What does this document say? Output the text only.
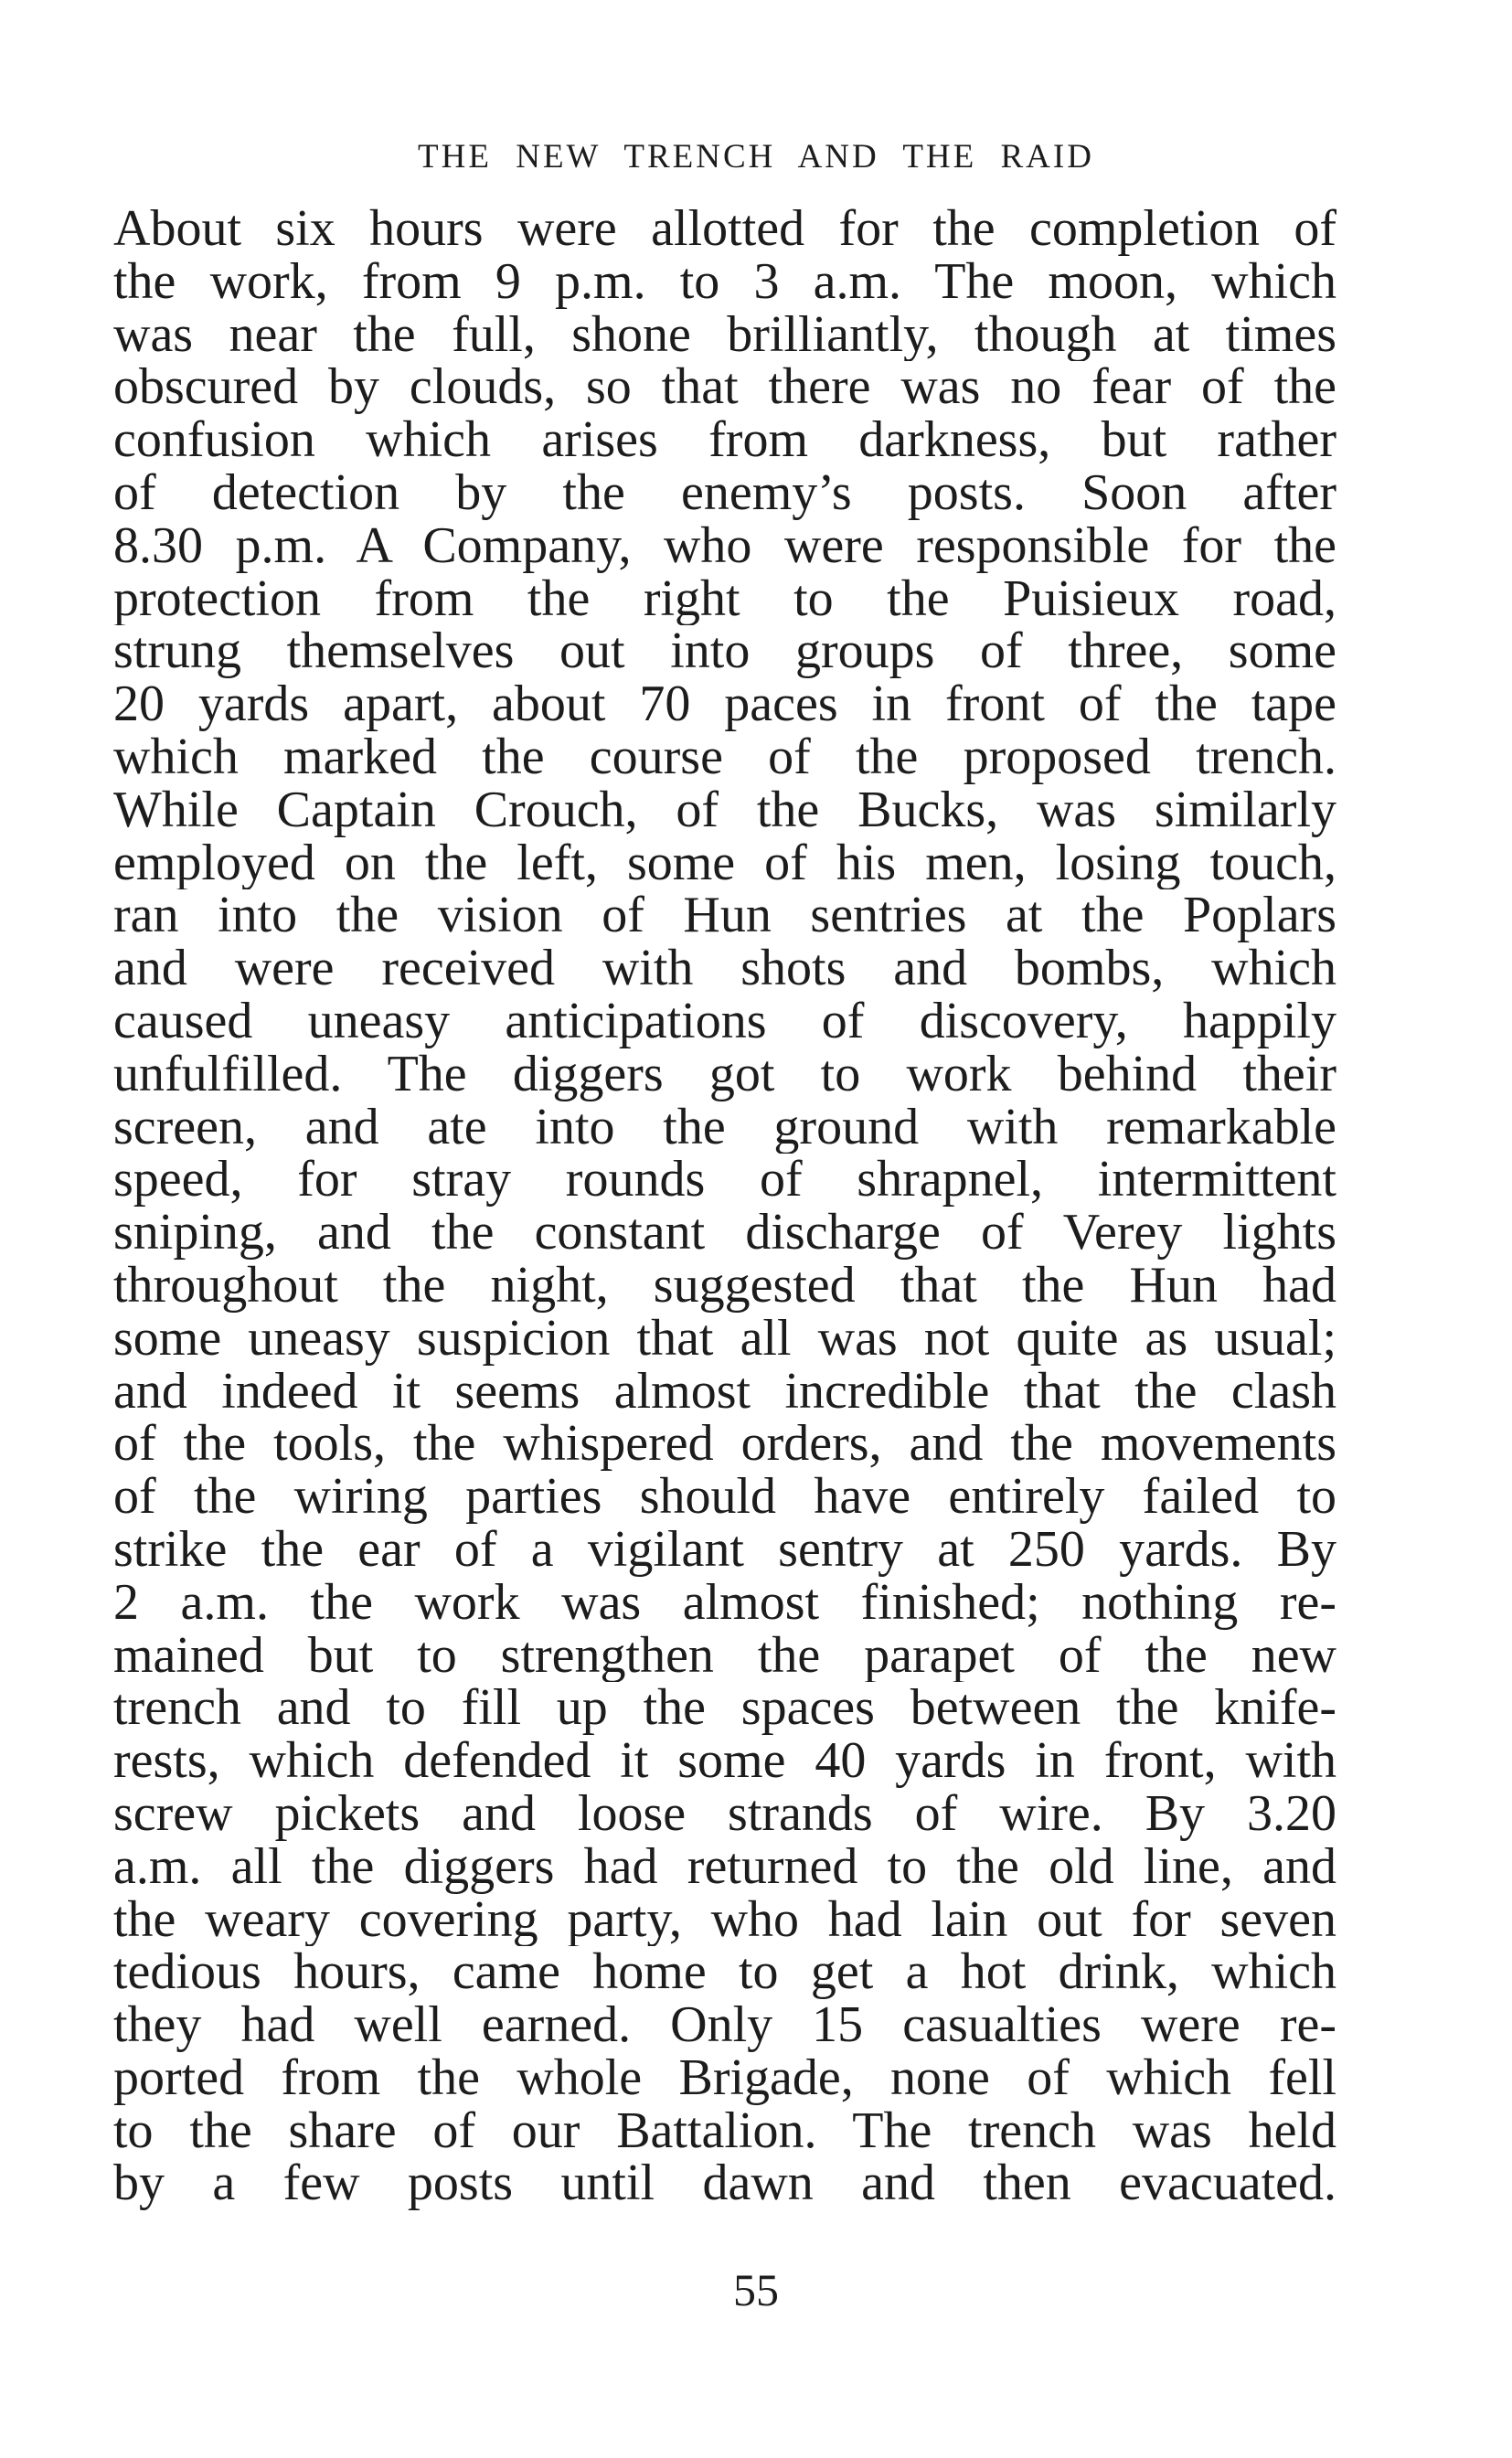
THE NEW TRENCH AND THE RAID
About six hours were allotted for the completion of
the work, from 9 p.m. to 3 a.m. The moon, which
was near the full, shone brilliantly, though at times
obscured by clouds, so that there was no fear of the
confusion which arises from darkness, but rather
of detection by the enemy’s posts. Soon after
8.30 p.m. A Company, who were responsible for the
protection from the right to the Puisieux road,
strung themselves out into groups of three, some
20 yards apart, about 70 paces in front of the tape
which marked the course of the proposed trench.
While Captain Crouch, of the Bucks, was similarly
employed on the left, some of his men, losing touch,
ran into the vision of Hun sentries at the Poplars
and were received with shots and bombs, which
caused uneasy anticipations of discovery, happily
unfulfilled. The diggers got to work behind their
screen, and ate into the ground with remarkable
speed, for stray rounds of shrapnel, intermittent
sniping, and the constant discharge of Verey lights
throughout the night, suggested that the Hun had
some uneasy suspicion that all was not quite as usual;
and indeed it seems almost incredible that the clash
of the tools, the whispered orders, and the movements
of the wiring parties should have entirely failed to
strike the ear of a vigilant sentry at 250 yards. By
2 a.m. the work was almost finished; nothing re-
mained but to strengthen the parapet of the new
trench and to fill up the spaces between the knife-
rests, which defended it some 40 yards in front, with
screw pickets and loose strands of wire. By 3.20
a.m. all the diggers had returned to the old line, and
the weary covering party, who had lain out for seven
tedious hours, came home to get a hot drink, which
they had well earned. Only 15 casualties were re-
ported from the whole Brigade, none of which fell
to the share of our Battalion. The trench was held
by a few posts until dawn and then evacuated.
55
